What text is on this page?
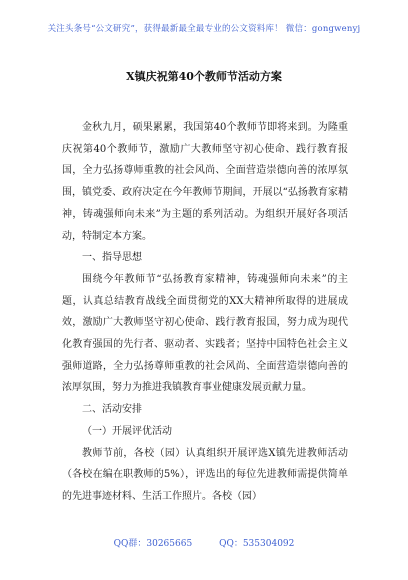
关注头条号“公文研究”，获得最新最全最专业的公文资料库！ 微信：gongwenyj
X镇庆祝第40个教师节活动方案

金秋九月，硕果累累，我国第40个教师节即将来到。为隆重庆祝第40个教师节，激励广大教师坚守初心使命、践行教育报国，全力弘扬尊师重教的社会风尚、全面营造崇德向善的浓厚氛围，镇党委、政府决定在今年教师节期间，开展以“弘扬教育家精神，铸魂强师向未来”为主题的系列活动。为组织开展好各项活动，特制定本方案。

一、指导思想

围绕今年教师节“弘扬教育家精神，铸魂强师向未来”的主题，认真总结教育战线全面贯彻党的XX大精神所取得的进展成效，激励广大教师坚守初心使命、践行教育报国，努力成为现代化教育强国的先行者、驱动者、实践者；坚持中国特色社会主义强师道路，全力弘扬尊师重教的社会风尚、全面营造崇德向善的浓厚氛围，努力为推进我镇教育事业健康发展贡献力量。

二、活动安排

（一）开展评优活动

教师节前，各校（园）认真组织开展评选X镇先进教师活动（各校在编在职教师的5%），评选出的每位先进教师需提供简单的先进事迹材料、生活工作照片。各校（园）

QQ群：30265665	QQ：535304092
